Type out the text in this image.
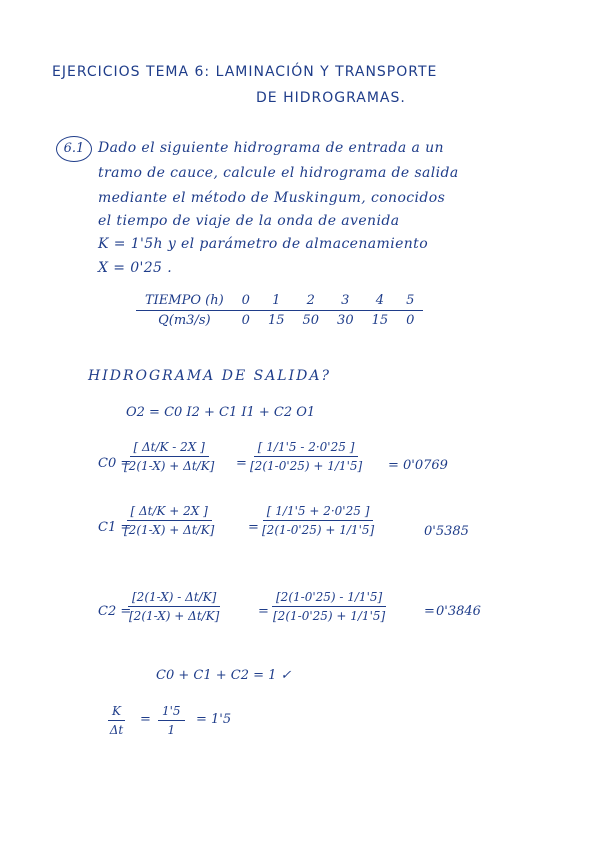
EJERCICIOS TEMA 6: LAMINACIÓN Y TRANSPORTE
DE HIDROGRAMAS.
6.1 Dado el siguiente hidrograma de entrada a un
tramo de cauce, calcule el hidrograma de salida
mediante el método de Muskingum, conocidos
el tiempo de viaje de la onda de avenida
K = 1'5h y el parámetro de almacenamiento
X = 0'25 .
TIEMPO (h)	0	1	2	3	4	5
Q(m3/s)	0	15	50	30	15	0
HIDROGRAMA DE SALIDA?
O2 = C0 I2 + C1 I1 + C2 O1
C0 =
$\frac{[ \Delta t/K - 2X ]}{[2(1-X) + \Delta t/K]} = \frac{[ 1/1'5 - 2\cdot 0'25 ]}{[2(1-0'25) + 1/1'5]} = 0'0769$
C1 =
$\frac{[ \Delta t/K + 2X ]}{[2(1-X) + \Delta t/K]}$	= $\frac{[ 1/1'5 + 2\cdot 0'25 ]}{[2(1-0'25) + 1/1'5]}$	0'5385
C2 =
$\frac{[2(1-X) - \Delta t/K]}{[2(1-X) + \Delta t/K]}$	= $\frac{[2(1-0'25) - 1/1'5]}{[2(1-0'25) + 1/1'5]}$	= 0'3846
C0 + C1 + C2 = 1 ✓
$\frac{K}{\Delta t} = \frac{1'5}{1} = 1'5$
